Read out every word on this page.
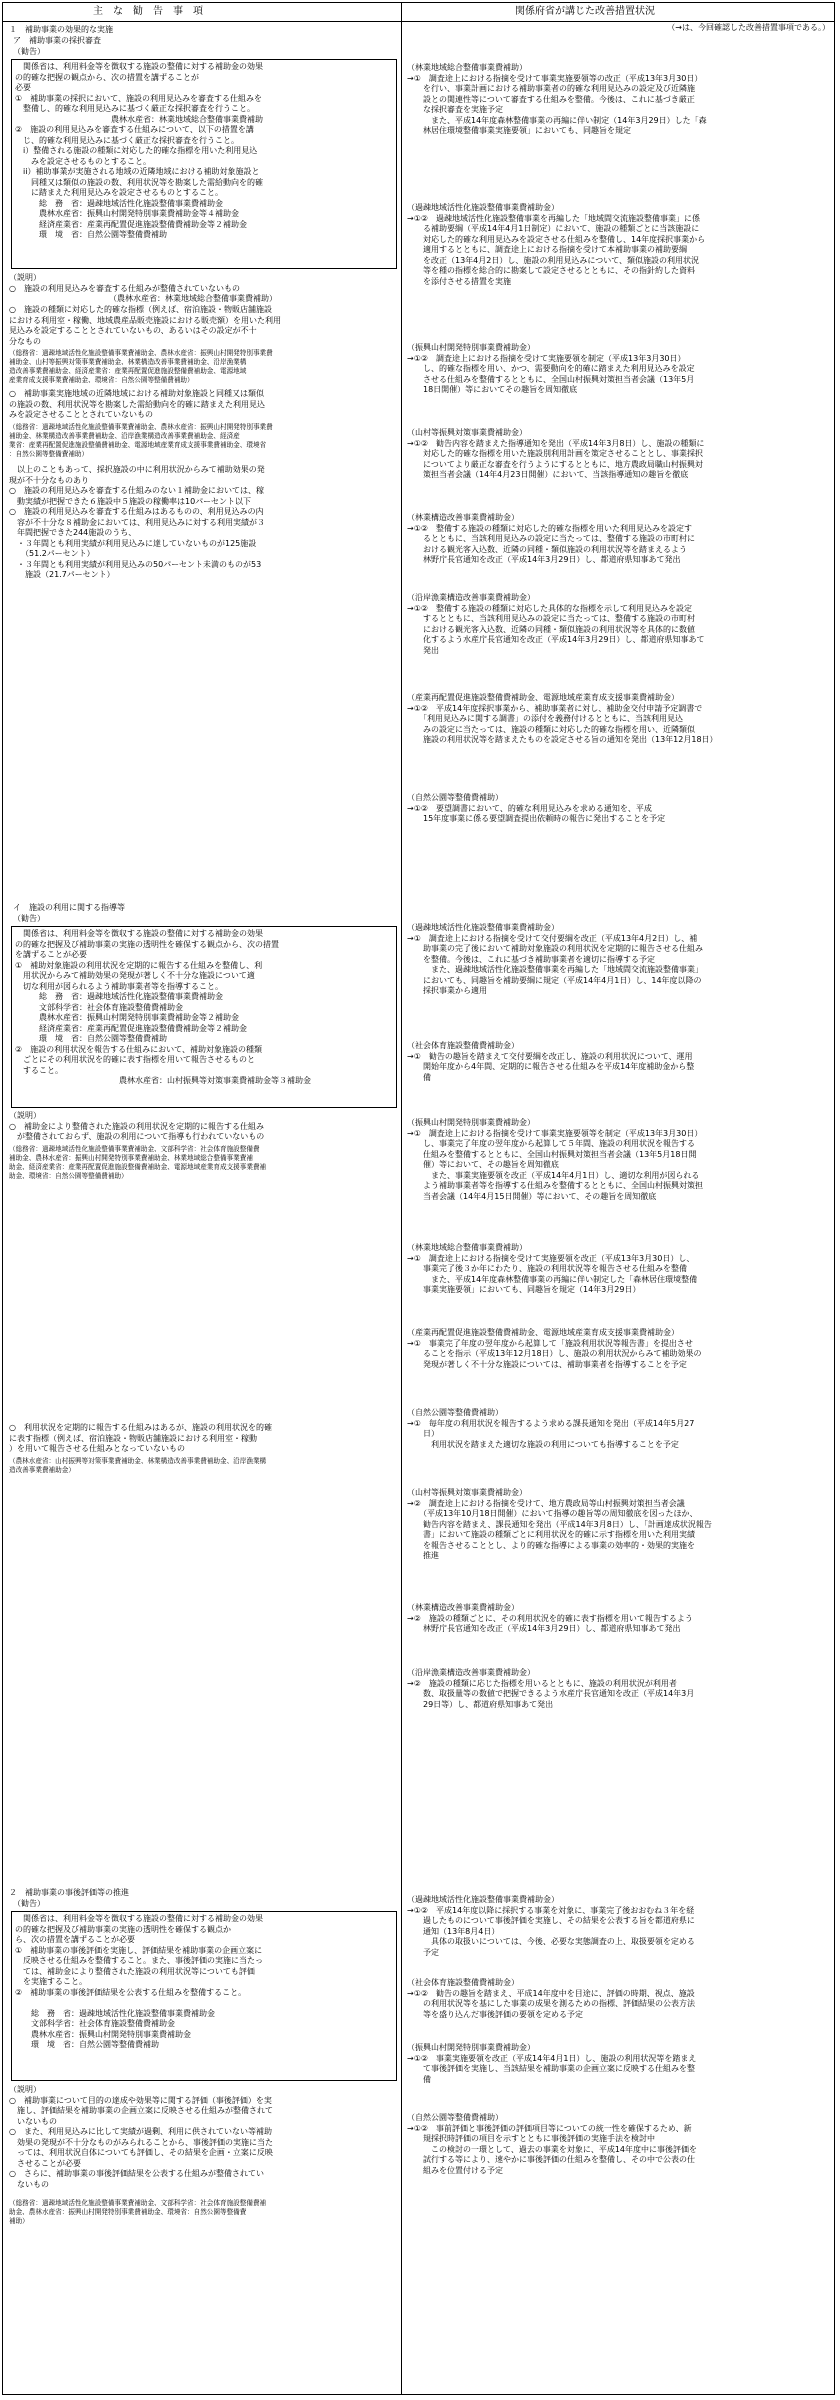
主　な　勧　告　事　項	関係府省が講じた改善措置状況
（→は、今回確認した改善措置事項である。）
１　補助事業の効果的な実施
ア　補助事業の採択審査
（勧告）
　関係省は、利用料金等を徴収する施設の整備に対する補助金の効果
の的確な把握の観点から、次の措置を講ずることが
必要
①　補助事業の採択において、施設の利用見込みを審査する仕組みを
　整備し、的確な利用見込みに基づく厳正な採択審査を行うこと。
　　　　　　　　　　　　農林水産省：林業地域総合整備事業費補助
②　施設の利用見込みを審査する仕組みについて、以下の措置を講
　じ、的確な利用見込みに基づく厳正な採択審査を行うこと。
　i）整備される施設の種類に対応した的確な指標を用いた利用見込
　　みを設定させるものとすること。
　ii）補助事業が実施される地域の近隣地域における補助対象施設と
　　同種又は類似の施設の数、利用状況等を勘案した需給動向を的確
　　に踏まえた利用見込みを設定させるものとすること。
　　　総　務　省：過疎地域活性化施設整備事業費補助金
　　　農林水産省：振興山村開発特別事業費補助金等４補助金
　　　経済産業省：産業再配置促進施設整備費補助金等２補助金
　　　環　境　省：自然公園等整備費補助
（説明）
○　施設の利用見込みを審査する仕組みが整備されていないもの
　　　　　　　　　　　　　（農林水産省：林業地域総合整備事業費補助）
○　施設の種類に対応した的確な指標（例えば、宿泊施設・物販店舗施設
における利用室・稼働、地域農産品販売施設における販売額）を用いた利用
見込みを設定することとされていないもの、あるいはその設定が不十
分なもの
（総務省：過疎地域活性化施設整備事業費補助金、農林水産省：振興山村開発特別事業費
補助金、山村等振興対策事業費補助金、林業構造改善事業費補助金、沿岸漁業構
造改善事業費補助金、経済産業省：産業再配置促進施設整備費補助金、電源地域
産業育成支援事業費補助金、環境省：自然公園等整備費補助）
○　補助事業実施地域の近隣地域における補助対象施設と同種又は類似
の施設の数、利用状況等を勘案した需給動向を的確に踏まえた利用見込
みを設定させることとされていないもの
（総務省：過疎地域活性化施設整備事業費補助金、農林水産省：振興山村開発特別事業費
補助金、林業構造改善事業費補助金、沿岸漁業構造改善事業費補助金、経済産
業省：産業再配置促進施設整備費補助金、電源地域産業育成支援事業費補助金、環境省
：自然公園等整備費補助）
　以上のこともあって、採択施設の中に利用状況からみて補助効果の発
現が不十分なものあり
○　施設の利用見込みを審査する仕組みのない１補助金においては、稼
　動実績が把握できた６施設中５施設の稼働率は10パーセント以下
○　施設の利用見込みを審査する仕組みはあるものの、利用見込みの内
　容が不十分な８補助金においては、利用見込みに対する利用実績が３
　年間把握できた244施設のうち、
　・３年間とも利用実績が利用見込みに達していないものが125施設
　　（51.2パーセント）
　・３年間とも利用実績が利用見込みの50パーセント未満のものが53
　　施設（21.7パーセント）
イ　施設の利用に関する指導等
（勧告）
　関係省は、利用料金等を徴収する施設の整備に対する補助金の効果
の的確な把握及び補助事業の実施の透明性を確保する観点から、次の措置
を講ずることが必要
①　補助対象施設の利用状況を定期的に報告する仕組みを整備し、利
　用状況からみて補助効果の発現が著しく不十分な施設について適
　切な利用が図られるよう補助事業者等を指導すること。
　　　総　務　省：過疎地域活性化施設整備事業費補助金
　　　文部科学省：社会体育施設整備費補助金
　　　農林水産省：振興山村開発特別事業費補助金等２補助金
　　　経済産業省：産業再配置促進施設整備費補助金等２補助金
　　　環　境　省：自然公園等整備費補助
②　施設の利用状況を報告する仕組みにおいて、補助対象施設の種類
　ごとにその利用状況を的確に表す指標を用いて報告させるものと
　すること。
　　　　　　　　　　　　　農林水産省：山村振興等対策事業費補助金等３補助金
（説明）
○　補助金により整備された施設の利用状況を定期的に報告する仕組み
　が整備されておらず、施設の利用について指導も行われていないもの
（総務省：過疎地域活性化施設整備事業費補助金、文部科学省：社会体育施設整備費
補助金、農林水産省：振興山村開発特別事業費補助金、林業地域総合整備事業費補
助金、経済産業省：産業再配置促進施設整備費補助金、電源地域産業育成支援事業費補
助金、環境省：自然公園等整備費補助）
○　利用状況を定期的に報告する仕組みはあるが、施設の利用状況を的確
に表す指標（例えば、宿泊施設・物販店舗施設における利用室・稼動
）を用いて報告させる仕組みとなっていないもの
（農林水産省：山村振興等対策事業費補助金、林業構造改善事業費補助金、沿岸漁業構
造改善事業費補助金）
２　補助事業の事後評価等の推進
（勧告）
　関係省は、利用料金等を徴収する施設の整備に対する補助金の効果
の的確な把握及び補助事業の実施の透明性を確保する観点か
ら、次の措置を講ずることが必要
①　補助事業の事後評価を実施し、評価結果を補助事業の企画立案に
　反映させる仕組みを整備すること。また、事後評価の実施に当たっ
　ては、補助金により整備された施設の利用状況等についても評価
　を実施すること。
②　補助事業の事後評価結果を公表する仕組みを整備すること。

　　総　務　省：過疎地域活性化施設整備事業費補助金
　　文部科学省：社会体育施設整備費補助金
　　農林水産省：振興山村開発特別事業費補助金
　　環　境　省：自然公園等整備費補助
（説明）
○　補助事業について目的の達成や効果等に関する評価（事後評価）を実
　施し、評価結果を補助事業の企画立案に反映させる仕組みが整備されて
　いないもの
○　また、利用見込みに比して実績が過剰、利用に供されていない等補助
　効果の発現が不十分なものがみられることから、事後評価の実施に当た
　っては、利用状況自体についても評価し、その結果を企画・立案に反映
　させることが必要
○　さらに、補助事業の事後評価結果を公表する仕組みが整備されてい
　ないもの
（総務省：過疎地域活性化施設整備事業費補助金、文部科学省：社会体育施設整備費補
助金、農林水産省：振興山村開発特別事業費補助金、環境省：自然公園等整備費
補助）
（林業地域総合整備事業費補助）
→①　調査途上における指摘を受けて事業実施要領等の改正（平成13年3月30日）
　　を行い、事業計画における補助事業者の的確な利用見込みの設定及び近隣施
　　設との関連性等について審査する仕組みを整備。今後は、これに基づき厳正
　　な採択審査を実施予定
　　　また、平成14年度森林整備事業の再編に伴い制定（14年3月29日）した「森
　　林居住環境整備事業実施要領」においても、同趣旨を規定
（過疎地域活性化施設整備事業費補助金）
→①②　過疎地域活性化施設整備事業を再編した「地域間交流施設整備事業」に係
　　る補助要綱（平成14年4月1日制定）において、施設の種類ごとに当該施設に
　　対応した的確な利用見込みを設定させる仕組みを整備し、14年度採択事業から
　　適用するとともに、調査途上における指摘を受けて本補助事業の補助要綱
　　を改正（13年4月2日）し、施設の利用見込みについて、類似施設の利用状況
　　等を種の指標を総合的に勘案して設定させるとともに、その指針約した資料
　　を添付させる措置を実施
（振興山村開発特別事業費補助金）
→①②　調査途上における指摘を受けて実施要領を制定（平成13年3月30日）
　　し、的確な指標を用い、かつ、需要動向を的確に踏まえた利用見込みを設定
　　させる仕組みを整備するとともに、全国山村振興対策担当者会議（13年5月
　　18日開催）等においてその趣旨を周知徹底
（山村等振興対策事業費補助金）
→①②　勧告内容を踏まえた指導通知を発出（平成14年3月8日）し、施設の種類に
　　対応した的確な指標を用いた施設別利用計画を策定させることとし、事業採択
　　についてより厳正な審査を行うようにするとともに、地方農政局職山村振興対
　　策担当者会議（14年4月23日開催）において、当該指導通知の趣旨を徹底
（林業構造改善事業費補助金）
→①②　整備する施設の種類に対応した的確な指標を用いた利用見込みを設定す
　　るとともに、当該利用見込みの設定に当たっては、整備する施設の市町村に
　　おける観光客入込数、近隣の同種・類似施設の利用状況等を踏まえるよう
　　林野庁長官通知を改正（平成14年3月29日）し、都道府県知事あて発出
（沿岸漁業構造改善事業費補助金）
→①②　整備する施設の種類に対応した具体的な指標を示して利用見込みを設定
　　するとともに、当該利用見込みの設定に当たっては、整備する施設の市町村
　　における観光客入込数、近隣の同種・類似施設の利用状況等を具体的に数値
　　化するよう水産庁長官通知を改正（平成14年3月29日）し、都道府県知事あて
　　発出
（産業再配置促進施設整備費補助金、電源地域産業育成支援事業費補助金）
→①②　平成14年度採択事業から、補助事業者に対し、補助金交付申請予定調書で
　　「利用見込みに関する調書」の添付を義務付けるとともに、当該利用見込
　　みの設定に当たっては、施設の種類に対応した的確な指標を用い、近隣類似
　　施設の利用状況等を踏まえたものを設定させる旨の通知を発出（13年12月18日）
（自然公園等整備費補助）
→①②　要望調書において、的確な利用見込みを求める通知を、平成
　　15年度事業に係る要望調査提出依頼時の報告に発出することを予定
（過疎地域活性化施設整備事業費補助金）
→①　調査途上における指摘を受けて交付要綱を改正（平成13年4月2日）し、補
　　助事業の完了後において補助対象施設の利用状況を定期的に報告させる仕組み
　　を整備。今後は、これに基づき補助事業者を適切に指導する予定
　　　また、過疎地域活性化施設整備事業を再編した「地域間交流施設整備事業」
　　においても、同趣旨を補助要綱に規定（平成14年4月1日）し、14年度以降の
　　採択事業から適用
（社会体育施設整備費補助金）
→①　勧告の趣旨を踏まえて交付要綱を改正し、施設の利用状況について、運用
　　開始年度から4年間、定期的に報告させる仕組みを平成14年度補助金から整
　　備
（振興山村開発特別事業費補助金）
→①　調査途上における指摘を受けて事業実施要領等を制定（平成13年3月30日）
　　し、事業完了年度の翌年度から起算して５年間、施設の利用状況を報告する
　　仕組みを整備するとともに、全国山村振興対策担当者会議（13年5月18日開
　　催）等において、その趣旨を周知徹底
　　　また、事業実施要領を改正（平成14年4月1日）し、適切な利用が図られる
　　よう補助事業者等を指導する仕組みを整備するとともに、全国山村振興対策担
　　当者会議（14年4月15日開催）等において、その趣旨を周知徹底
（林業地域総合整備事業費補助）
→①　調査途上における指摘を受けて実施要領を改正（平成13年3月30日）し、
　　事業完了後３か年にわたり、施設の利用状況等を報告させる仕組みを整備
　　　また、平成14年度森林整備事業の再編に伴い制定した「森林居住環境整備
　　事業実施要領」においても、同趣旨を規定（14年3月29日）
（産業再配置促進施設整備費補助金、電源地域産業育成支援事業費補助金）
→①　事業完了年度の翌年度から起算して「施設利用状況等報告書」を提出させ
　　ることを指示（平成13年12月18日）し、施設の利用状況からみて補助効果の
　　発現が著しく不十分な施設については、補助事業者を指導することを予定
（自然公園等整備費補助）
→①　毎年度の利用状況を報告するよう求める課長通知を発出（平成14年5月27
　　日）
　　　利用状況を踏まえた適切な施設の利用についても指導することを予定
（山村等振興対策事業費補助金）
→②　調査途上における指摘を受けて、地方農政局等山村振興対策担当者会議
　　（平成13年10月18日開催）において指導の趣旨等の周知徹底を図ったほか、
　　勧告内容を踏まえ、課長通知を発出（平成14年3月8日）し、「計画達成状況報告
　　書」において施設の種類ごとに利用状況を的確に示す指標を用いた利用実績
　　を報告させることとし、より的確な指導による事業の効率的・効果的実施を
　　推進
（林業構造改善事業費補助金）
→②　施設の種類ごとに、その利用状況を的確に表す指標を用いて報告するよう
　　林野庁長官通知を改正（平成14年3月29日）し、都道府県知事あて発出
（沿岸漁業構造改善事業費補助金）
→②　施設の種類に応じた指標を用いるとともに、施設の利用状況が利用者
　　数、取扱量等の数値で把握できるよう水産庁長官通知を改正（平成14年3月
　　29日等）し、都道府県知事あて発出
（過疎地域活性化施設整備事業費補助金）
→①②　平成14年度以降に採択する事業を対象に、事業完了後おおむね３年を経
　　過したものについて事後評価を実施し、その結果を公表する旨を都道府県に
　　通知（13年8月4日）
　　　具体の取扱いについては、今後、必要な実態調査の上、取扱要領を定める
　　予定
（社会体育施設整備費補助金）
→①②　勧告の趣旨を踏まえ、平成14年度中を目途に、評価の時期、視点、施設
　　の利用状況等を基にした事業の成果を測るための指標、評価結果の公表方法
　　等を盛り込んだ事後評価の要領を定める予定
（振興山村開発特別事業費補助金）
→①②　事業実施要領を改正（平成14年4月1日）し、施設の利用状況等を踏まえ
　　て事後評価を実施し、当該結果を補助事業の企画立案に反映する仕組みを整
　　備
（自然公園等整備費補助）
→①②　事前評価と事後評価の評価項目等についての統一性を確保するため、新
　　規採択時評価の項目を示すとともに事後評価の実施手法を検討中
　　　この検討の一環として、過去の事業を対象に、平成14年度中に事後評価を
　　試行する等により、速やかに事後評価の仕組みを整備し、その中で公表の仕
　　組みを位置付ける予定
